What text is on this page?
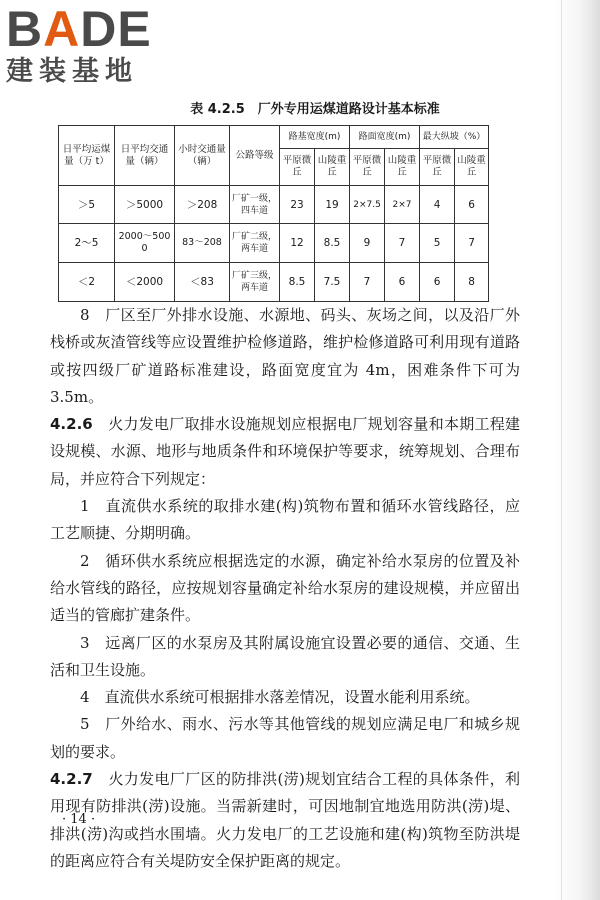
BADE
建装基地
表 4.2.5　厂外专用运煤道路设计基本标准
日平均运煤量（万 t）	日平均交通量（辆）	小时交通量（辆）	公路等级	路基宽度(m)		路面宽度(m)		最大纵坡（%）	
				平原微丘	山陵重丘	平原微丘	山陵重丘	平原微丘	山陵重丘
＞5	＞5000	＞208	厂矿一级，四车道	23	19	2×7.5	2×7	4	6
2～5	2000～5000	83～208	厂矿二级，两车道	12	8.5	9	7	5	7
＜2	＜2000	＜83	厂矿三级，两车道	8.5	7.5	7	6	6	8

8　厂区至厂外排水设施、水源地、码头、灰场之间，以及沿厂外栈桥或灰渣管线等应设置维护检修道路，维护检修道路可利用现有道路或按四级厂矿道路标准建设，路面宽度宜为 4m，困难条件下可为 3.5m。

4.2.6　火力发电厂取排水设施规划应根据电厂规划容量和本期工程建设规模、水源、地形与地质条件和环境保护等要求，统筹规划、合理布局，并应符合下列规定：

1　直流供水系统的取排水建(构)筑物布置和循环水管线路径，应工艺顺捷、分期明确。

2　循环供水系统应根据选定的水源，确定补给水泵房的位置及补给水管线的路径，应按规划容量确定补给水泵房的建设规模，并应留出适当的管廊扩建条件。

3　远离厂区的水泵房及其附属设施宜设置必要的通信、交通、生活和卫生设施。

4　直流供水系统可根据排水落差情况，设置水能利用系统。

5　厂外给水、雨水、污水等其他管线的规划应满足电厂和城乡规划的要求。

4.2.7　火力发电厂厂区的防排洪(涝)规划宜结合工程的具体条件，利用现有防排洪(涝)设施。当需新建时，可因地制宜地选用防洪(涝)堤、排洪(涝)沟或挡水围墙。火力发电厂的工艺设施和建(构)筑物至防洪堤的距离应符合有关堤防安全保护距离的规定。

· 14 ·
